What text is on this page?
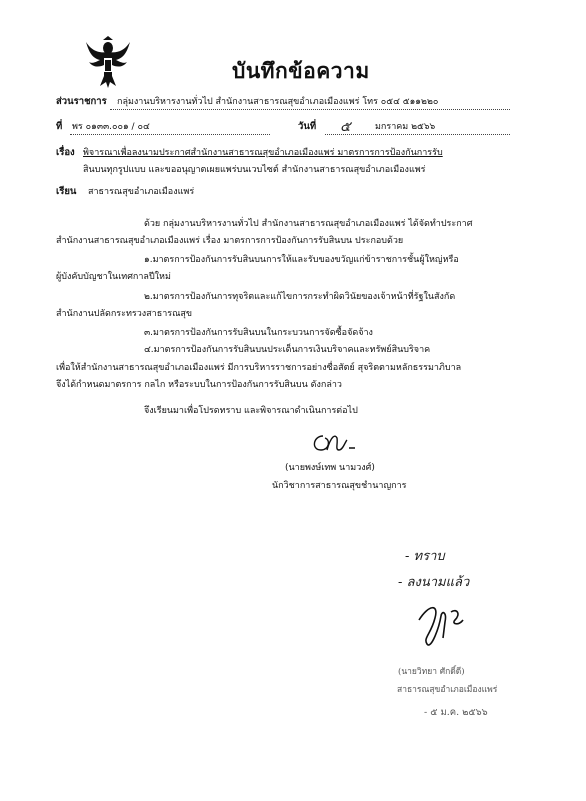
บันทึกข้อความ
ส่วนราชการ กลุ่มงานบริหารงานทั่วไป สำนักงานสาธารณสุขอำเภอเมืองแพร่ โทร ๐๕๔ ๕๑๑๒๒๐
ที่ พร ๐๑๓๓.๐๐๑ / ๐๔	วันที่ ๕	มกราคม ๒๕๖๖
เรื่อง พิจารณาเพื่อลงนามประกาศสำนักงานสาธารณสุขอำเภอเมืองแพร่ มาตรการการป้องกันการรับ
สินบนทุกรูปแบบ และขออนุญาตเผยแพร่บนเวบไซต์ สำนักงานสาธารณสุขอำเภอเมืองแพร่
เรียน สาธารณสุขอำเภอเมืองแพร่
ด้วย กลุ่มงานบริหารงานทั่วไป สำนักงานสาธารณสุขอำเภอเมืองแพร่ ได้จัดทำประกาศ
สำนักงานสาธารณสุขอำเภอเมืองแพร่ เรื่อง มาตรการการป้องกันการรับสินบน ประกอบด้วย
๑.มาตรการป้องกันการรับสินบนการให้และรับของขวัญแก่ข้าราชการชั้นผู้ใหญ่หรือ
ผู้บังคับบัญชาในเทศกาลปีใหม่
๒.มาตรการป้องกันการทุจริตและแก้ไขการกระทำผิดวินัยของเจ้าหน้าที่รัฐในสังกัด
สำนักงานปลัดกระทรวงสาธารณสุข
๓.มาตรการป้องกันการรับสินบนในกระบวนการจัดซื้อจัดจ้าง
๔.มาตรการป้องกันการรับสินบนประเด็นการเงินบริจาคและทรัพย์สินบริจาค
เพื่อให้สำนักงานสาธารณสุขอำเภอเมืองแพร่ มีการบริหารราชการอย่างซื่อสัตย์ สุจริตตามหลักธรรมาภิบาล
จึงได้กำหนดมาตรการ กลไก หรือระบบในการป้องกันการรับสินบน ดังกล่าว
จึงเรียนมาเพื่อโปรดทราบ และพิจารณาดำเนินการต่อไป
(นายพงษ์เทพ นามวงศ์)
นักวิชาการสาธารณสุขชำนาญการ
- ทราบ
- ลงนามแล้ว
(นายวิทยา ศักดิ์ดี)
สาธารณสุขอำเภอเมืองแพร่
- ๕ ม.ค. ๒๕๖๖
